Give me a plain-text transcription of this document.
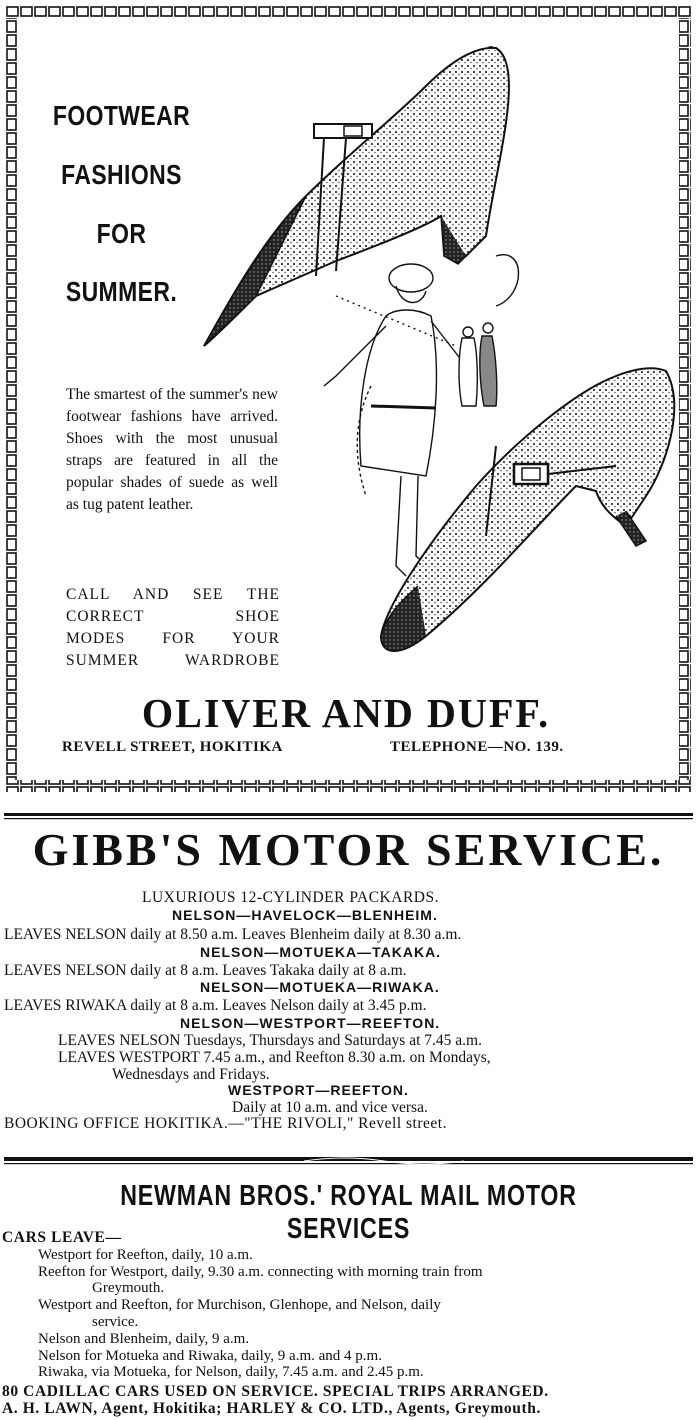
FOOTWEAR
FASHIONS
FOR
SUMMER.
The smartest of the summer's new footwear fashions have arrived. Shoes with the most unusual straps are featured in all the popular shades of suede as well as tug patent leather.
CALL AND SEE THE
CORRECT SHOE
MODES FOR YOUR
SUMMER WARDROBE
OLIVER AND DUFF.
REVELL STREET, HOKITIKA	TELEPHONE—NO. 139.
GIBB'S MOTOR SERVICE.
LUXURIOUS 12-CYLINDER PACKARDS.
NELSON—HAVELOCK—BLENHEIM.
LEAVES NELSON daily at 8.50 a.m. Leaves Blenheim daily at 8.30 a.m.
NELSON—MOTUEKA—TAKAKA.
LEAVES NELSON daily at 8 a.m. Leaves Takaka daily at 8 a.m.
NELSON—MOTUEKA—RIWAKA.
LEAVES RIWAKA daily at 8 a.m. Leaves Nelson daily at 3.45 p.m.
NELSON—WESTPORT—REEFTON.
LEAVES NELSON Tuesdays, Thursdays and Saturdays at 7.45 a.m.
LEAVES WESTPORT 7.45 a.m., and Reefton 8.30 a.m. on Mondays,
Wednesdays and Fridays.
WESTPORT—REEFTON.
Daily at 10 a.m. and vice versa.
BOOKING OFFICE HOKITIKA.—"THE RIVOLI," Revell street.
NEWMAN BROS.' ROYAL MAIL MOTOR SERVICES
CARS LEAVE—
Westport for Reefton, daily, 10 a.m.
Reefton for Westport, daily, 9.30 a.m. connecting with morning train from
Greymouth.
Westport and Reefton, for Murchison, Glenhope, and Nelson, daily
service.
Nelson and Blenheim, daily, 9 a.m.
Nelson for Motueka and Riwaka, daily, 9 a.m. and 4 p.m.
Riwaka, via Motueka, for Nelson, daily, 7.45 a.m. and 2.45 p.m.
80 CADILLAC CARS USED ON SERVICE. SPECIAL TRIPS ARRANGED.
A. H. LAWN, Agent, Hokitika; HARLEY & CO. LTD., Agents, Greymouth.
